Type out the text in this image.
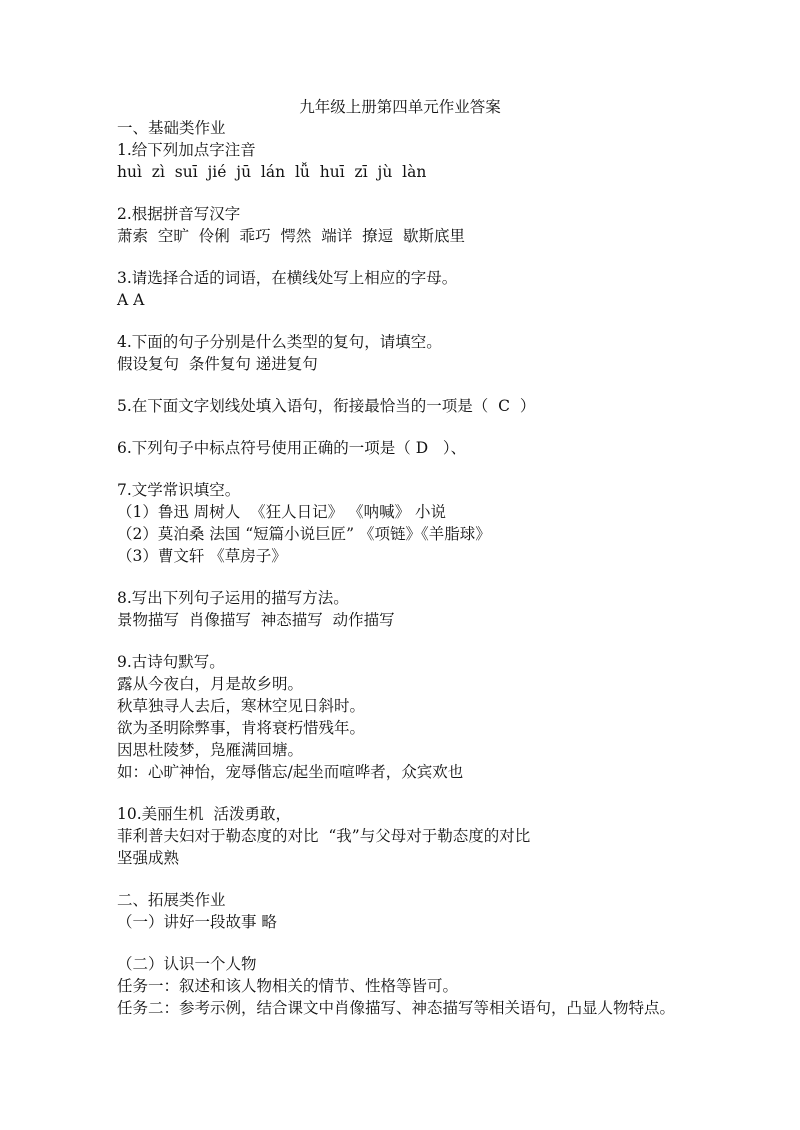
九年级上册第四单元作业答案
一、基础类作业
1.给下列加点字注音
huì  zì  suī  jié  jū  lán  lǚ  huī  zī  jù  làn
2.根据拼音写汉字
萧索  空旷  伶俐  乖巧  愕然  端详  撩逗  歇斯底里
3.请选择合适的词语，在横线处写上相应的字母。
A A
4.下面的句子分别是什么类型的复句，请填空。
假设复句  条件复句 递进复句
5.在下面文字划线处填入语句，衔接最恰当的一项是（  C  ）
6.下列句子中标点符号使用正确的一项是（ D   ）、
7.文学常识填空。
（1）鲁迅 周树人  《狂人日记》 《呐喊》 小说
（2）莫泊桑 法国 “短篇小说巨匠” 《项链》《羊脂球》
（3）曹文轩 《草房子》
8.写出下列句子运用的描写方法。
景物描写  肖像描写  神态描写  动作描写
9.古诗句默写。
露从今夜白，月是故乡明。
秋草独寻人去后，寒林空见日斜时。
欲为圣明除弊事，肯将衰朽惜残年。
因思杜陵梦，凫雁满回塘。
如：心旷神怡，宠辱偕忘/起坐而喧哗者，众宾欢也
10.美丽生机  活泼勇敢，
菲利普夫妇对于勒态度的对比  “我”与父母对于勒态度的对比
坚强成熟
二、拓展类作业
（一）讲好一段故事 略
（二）认识一个人物
任务一：叙述和该人物相关的情节、性格等皆可。
任务二：参考示例，结合课文中肖像描写、神态描写等相关语句，凸显人物特点。
